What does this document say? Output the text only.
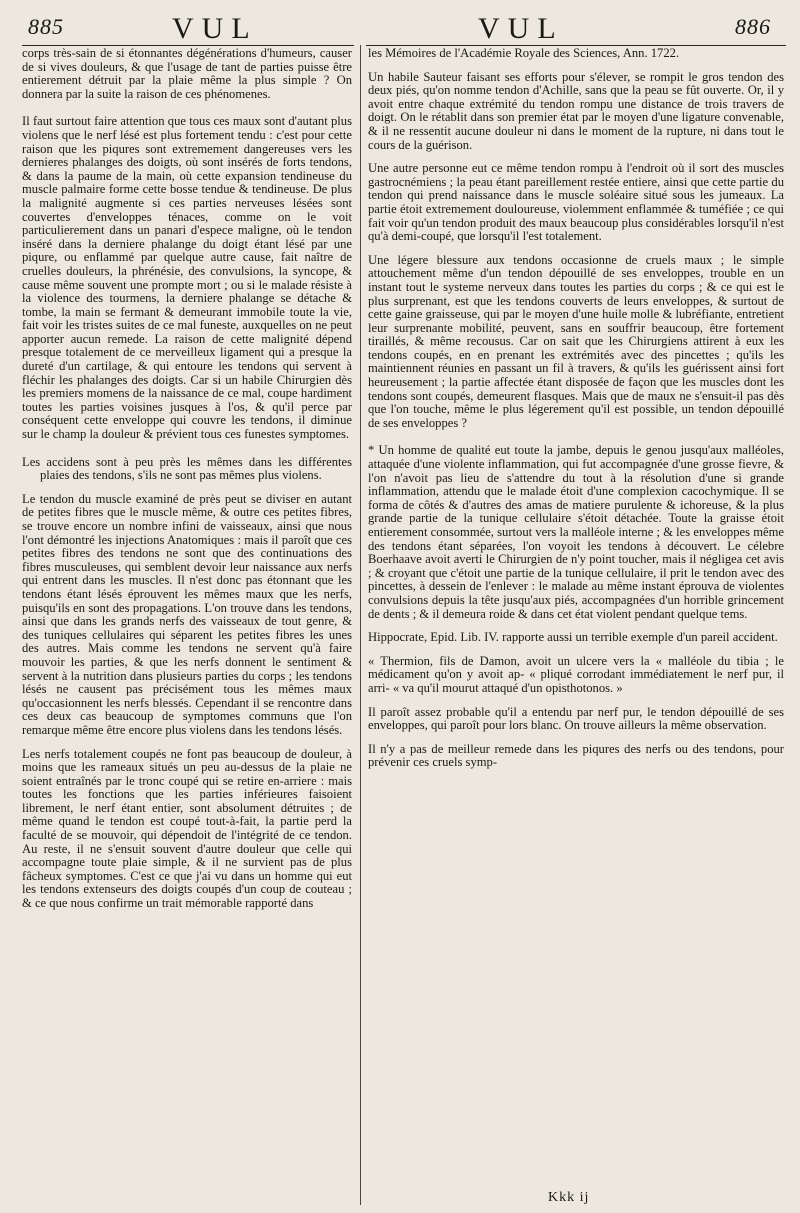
885	VUL	VUL	886

corps très-sain de si étonnantes dégénérations d'humeurs, causer de si vives douleurs, & que l'usage de tant de parties puisse être entierement détruit par la plaie même la plus simple ? On donnera par la suite la raison de ces phénomenes.

Il faut surtout faire attention que tous ces maux sont d'autant plus violens que le nerf lésé est plus fortement tendu : c'est pour cette raison que les piqures sont extremement dangereuses vers les dernieres phalanges des doigts, où sont insérés de forts tendons, & dans la paume de la main, où cette expansion tendineuse du muscle palmaire forme cette bosse tendue & tendineuse. De plus la malignité augmente si ces parties nerveuses lésées sont couvertes d'enveloppes ténaces, comme on le voit particulierement dans un panari d'espece maligne, où le tendon inséré dans la derniere phalange du doigt étant lésé par une piqure, ou enflammé par quelque autre cause, fait naître de cruelles douleurs, la phrénésie, des convulsions, la syncope, & cause même souvent une prompte mort ; ou si le malade résiste à la violence des tourmens, la derniere phalange se détache & tombe, la main se fermant & demeurant immobile toute la vie, fait voir les tristes suites de ce mal funeste, auxquelles on ne peut apporter aucun remede. La raison de cette malignité dépend presque totalement de ce merveilleux ligament qui a presque la dureté d'un cartilage, & qui entoure les tendons qui servent à fléchir les phalanges des doigts. Car si un habile Chirurgien dès les premiers momens de la naissance de ce mal, coupe hardiment toutes les parties voisines jusques à l'os, & qu'il perce par conséquent cette enveloppe qui couvre les tendons, il diminue sur le champ la douleur & prévient tous ces funestes symptomes.

Les accidens sont à peu près les mêmes dans les différentes plaies des tendons, s'ils ne sont pas mêmes plus violens.

Le tendon du muscle examiné de près peut se diviser en autant de petites fibres que le muscle même, & outre ces petites fibres, se trouve encore un nombre infini de vaisseaux, ainsi que nous l'ont démontré les injections Anatomiques : mais il paroît que ces petites fibres des tendons ne sont que des continuations des fibres musculeuses, qui semblent devoir leur naissance aux nerfs qui entrent dans les muscles. Il n'est donc pas étonnant que les tendons étant lésés éprouvent les mêmes maux que les nerfs, puisqu'ils en sont des propagations. L'on trouve dans les tendons, ainsi que dans les grands nerfs des vaisseaux de tout genre, & des tuniques cellulaires qui séparent les petites fibres les unes des autres. Mais comme les tendons ne servent qu'à faire mouvoir les parties, & que les nerfs donnent le sentiment & servent à la nutrition dans plusieurs parties du corps ; les tendons lésés ne causent pas précisément tous les mêmes maux qu'occasionnent les nerfs blessés. Cependant il se rencontre dans ces deux cas beaucoup de symptomes communs que l'on remarque même être encore plus violens dans les tendons lésés.

Les nerfs totalement coupés ne font pas beaucoup de douleur, à moins que les rameaux situés un peu au-dessus de la plaie ne soient entraînés par le tronc coupé qui se retire en-arriere : mais toutes les fonctions que les parties inférieures faisoient librement, le nerf étant entier, sont absolument détruites ; de même quand le tendon est coupé tout-à-fait, la partie perd la faculté de se mouvoir, qui dépendoit de l'intégrité de ce tendon. Au reste, il ne s'ensuit souvent d'autre douleur que celle qui accompagne toute plaie simple, & il ne survient pas de plus fâcheux symptomes. C'est ce que j'ai vu dans un homme qui eut les tendons extenseurs des doigts coupés d'un coup de couteau ; & ce que nous confirme un trait mémorable rapporté dans

les Mémoires de l'Académie Royale des Sciences, Ann. 1722.

Un habile Sauteur faisant ses efforts pour s'élever, se rompit le gros tendon des deux piés, qu'on nomme tendon d'Achille, sans que la peau se fût ouverte. Or, il y avoit entre chaque extrémité du tendon rompu une distance de trois travers de doigt. On le rétablit dans son premier état par le moyen d'une ligature convenable, & il ne ressentit aucune douleur ni dans le moment de la rupture, ni dans tout le cours de la guérison.

Une autre personne eut ce même tendon rompu à l'endroit où il sort des muscles gastrocnémiens ; la peau étant pareillement restée entiere, ainsi que cette partie du tendon qui prend naissance dans le muscle soléaire situé sous les jumeaux. La partie étoit extremement douloureuse, violemment enflammée & tuméfiée ; ce qui fait voir qu'un tendon produit des maux beaucoup plus considérables lorsqu'il n'est qu'à demi-coupé, que lorsqu'il l'est totalement.

Une légere blessure aux tendons occasionne de cruels maux ; le simple attouchement même d'un tendon dépouillé de ses enveloppes, trouble en un instant tout le systeme nerveux dans toutes les parties du corps ; & ce qui est le plus surprenant, est que les tendons couverts de leurs enveloppes, & surtout de cette gaine graisseuse, qui par le moyen d'une huile molle & lubréfiante, entretient leur surprenante mobilité, peuvent, sans en souffrir beaucoup, être fortement tiraillés, & même recousus. Car on sait que les Chirurgiens attirent à eux les tendons coupés, en en prenant les extrémités avec des pincettes ; qu'ils les maintiennent réunies en passant un fil à travers, & qu'ils les guérissent ainsi fort heureusement ; la partie affectée étant disposée de façon que les muscles dont les tendons sont coupés, demeurent flasques. Mais que de maux ne s'ensuit-il pas dès que l'on touche, même le plus légerement qu'il est possible, un tendon dépouillé de ses enveloppes ?

* Un homme de qualité eut toute la jambe, depuis le genou jusqu'aux malléoles, attaquée d'une violente inflammation, qui fut accompagnée d'une grosse fievre, & l'on n'avoit pas lieu de s'attendre du tout à la résolution d'une si grande inflammation, attendu que le malade étoit d'une complexion cacochymique. Il se forma de côtés & d'autres des amas de matiere purulente & ichoreuse, & la plus grande partie de la tunique cellulaire s'étoit détachée. Toute la graisse étoit entierement consommée, surtout vers la malléole interne ; & les enveloppes même des tendons étant séparées, l'on voyoit les tendons à découvert. Le célebre Boerhaave avoit averti le Chirurgien de n'y point toucher, mais il négligea cet avis ; & croyant que c'étoit une partie de la tunique cellulaire, il prit le tendon avec des pincettes, à dessein de l'enlever : le malade au même instant éprouva de violentes convulsions depuis la tête jusqu'aux piés, accompagnées d'un horrible grincement de dents ; & il demeura roide & dans cet état violent pendant quelque tems.

Hippocrate, Epid. Lib. IV. rapporte aussi un terrible exemple d'un pareil accident.

« Thermion, fils de Damon, avoit un ulcere vers la « malléole du tibia ; le médicament qu'on y avoit ap- « pliqué corrodant immédiatement le nerf pur, il arri- « va qu'il mourut attaqué d'un opisthotonos. »

Il paroît assez probable qu'il a entendu par nerf pur, le tendon dépouillé de ses enveloppes, qui paroît pour lors blanc. On trouve ailleurs la même observation.

Il n'y a pas de meilleur remede dans les piqures des nerfs ou des tendons, pour prévenir ces cruels symp-

Kkk ij
